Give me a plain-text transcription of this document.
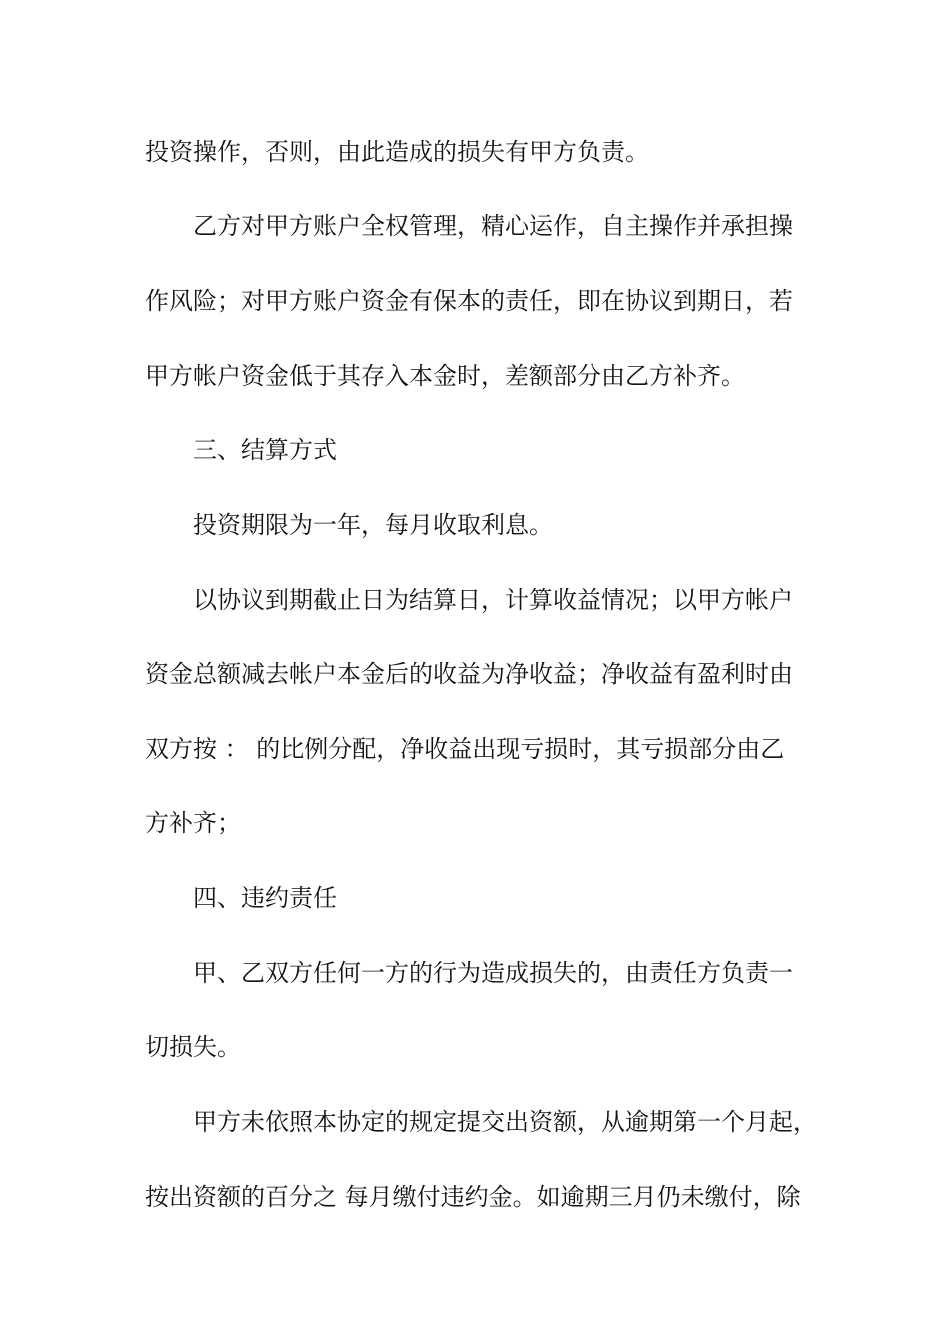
投资操作，否则，由此造成的损失有甲方负责。

乙方对甲方账户全权管理，精心运作，自主操作并承担操

作风险；对甲方账户资金有保本的责任，即在协议到期日，若

甲方帐户资金低于其存入本金时，差额部分由乙方补齐。

三、结算方式

投资期限为一年，每月收取利息。

以协议到期截止日为结算日，计算收益情况；以甲方帐户

资金总额减去帐户本金后的收益为净收益；净收益有盈利时由

双方按 ： 的比例分配，净收益出现亏损时，其亏损部分由乙

方补齐；

四、违约责任

甲、乙双方任何一方的行为造成损失的，由责任方负责一

切损失。

甲方未依照本协定的规定提交出资额，从逾期第一个月起，

按出资额的百分之 每月缴付违约金。如逾期三月仍未缴付，除
